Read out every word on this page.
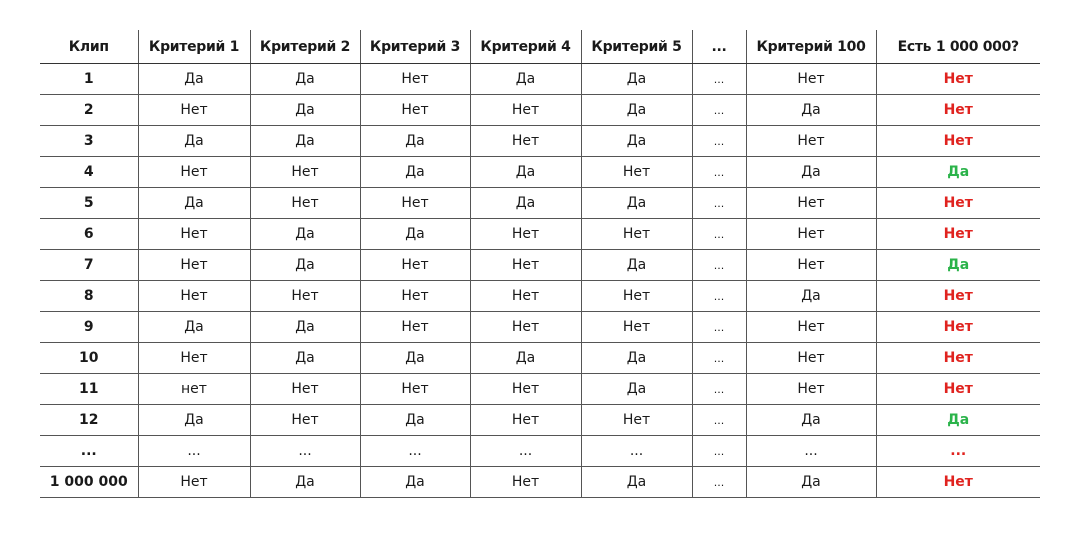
Клип	Критерий 1	Критерий 2	Критерий 3	Критерий 4	Критерий 5	...	Критерий 100	Есть 1 000 000?
1	Да	Да	Нет	Да	Да	...	Нет	Нет
2	Нет	Да	Нет	Нет	Да	...	Да	Нет
3	Да	Да	Да	Нет	Да	...	Нет	Нет
4	Нет	Нет	Да	Да	Нет	...	Да	Да
5	Да	Нет	Нет	Да	Да	...	Нет	Нет
6	Нет	Да	Да	Нет	Нет	...	Нет	Нет
7	Нет	Да	Нет	Нет	Да	...	Нет	Да
8	Нет	Нет	Нет	Нет	Нет	...	Да	Нет
9	Да	Да	Нет	Нет	Нет	...	Нет	Нет
10	Нет	Да	Да	Да	Да	...	Нет	Нет
11	нет	Нет	Нет	Нет	Да	...	Нет	Нет
12	Да	Нет	Да	Нет	Нет	...	Да	Да
...	...	...	...	...	...	...	...	...
1 000 000	Нет	Да	Да	Нет	Да	...	Да	Нет
